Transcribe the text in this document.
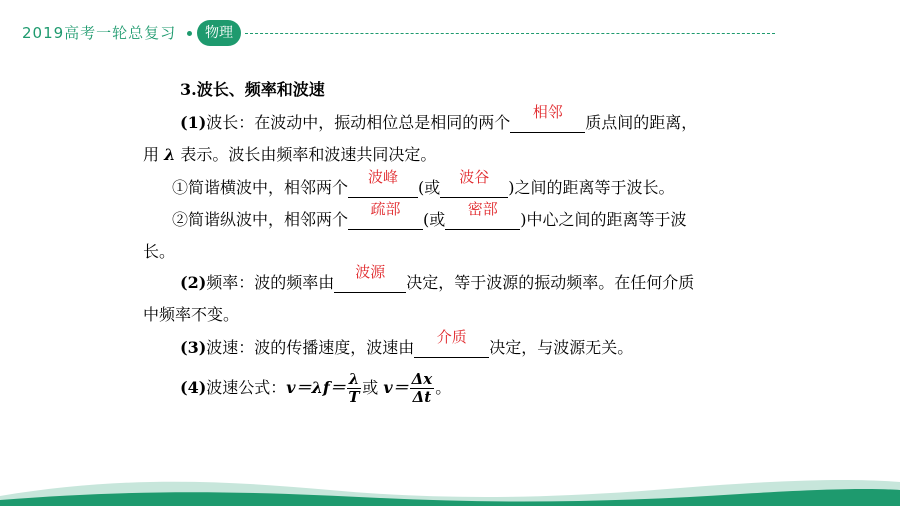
2019高考一轮总复习	物理
3.波长、频率和波速
(1)波长：在波动中，振动相位总是相同的两个
相邻
质点间的距离，
用 λ 表示。波长由频率和波速共同决定。
①简谐横波中，相邻两个
波峰
(或
波谷
)之间的距离等于波长。
②简谐纵波中，相邻两个
疏部
(或
密部
)中心之间的距离等于波
长。
(2)频率：波的频率由
波源
决定，等于波源的振动频率。在任何介质
中频率不变。
(3)波速：波的传播速度，波速由
介质
决定，与波源无关。
(4)波速公式：$v=\lambda f= \frac{\lambda}{T}$ 或 $v= \frac{\Delta x}{\Delta t}$ 。
